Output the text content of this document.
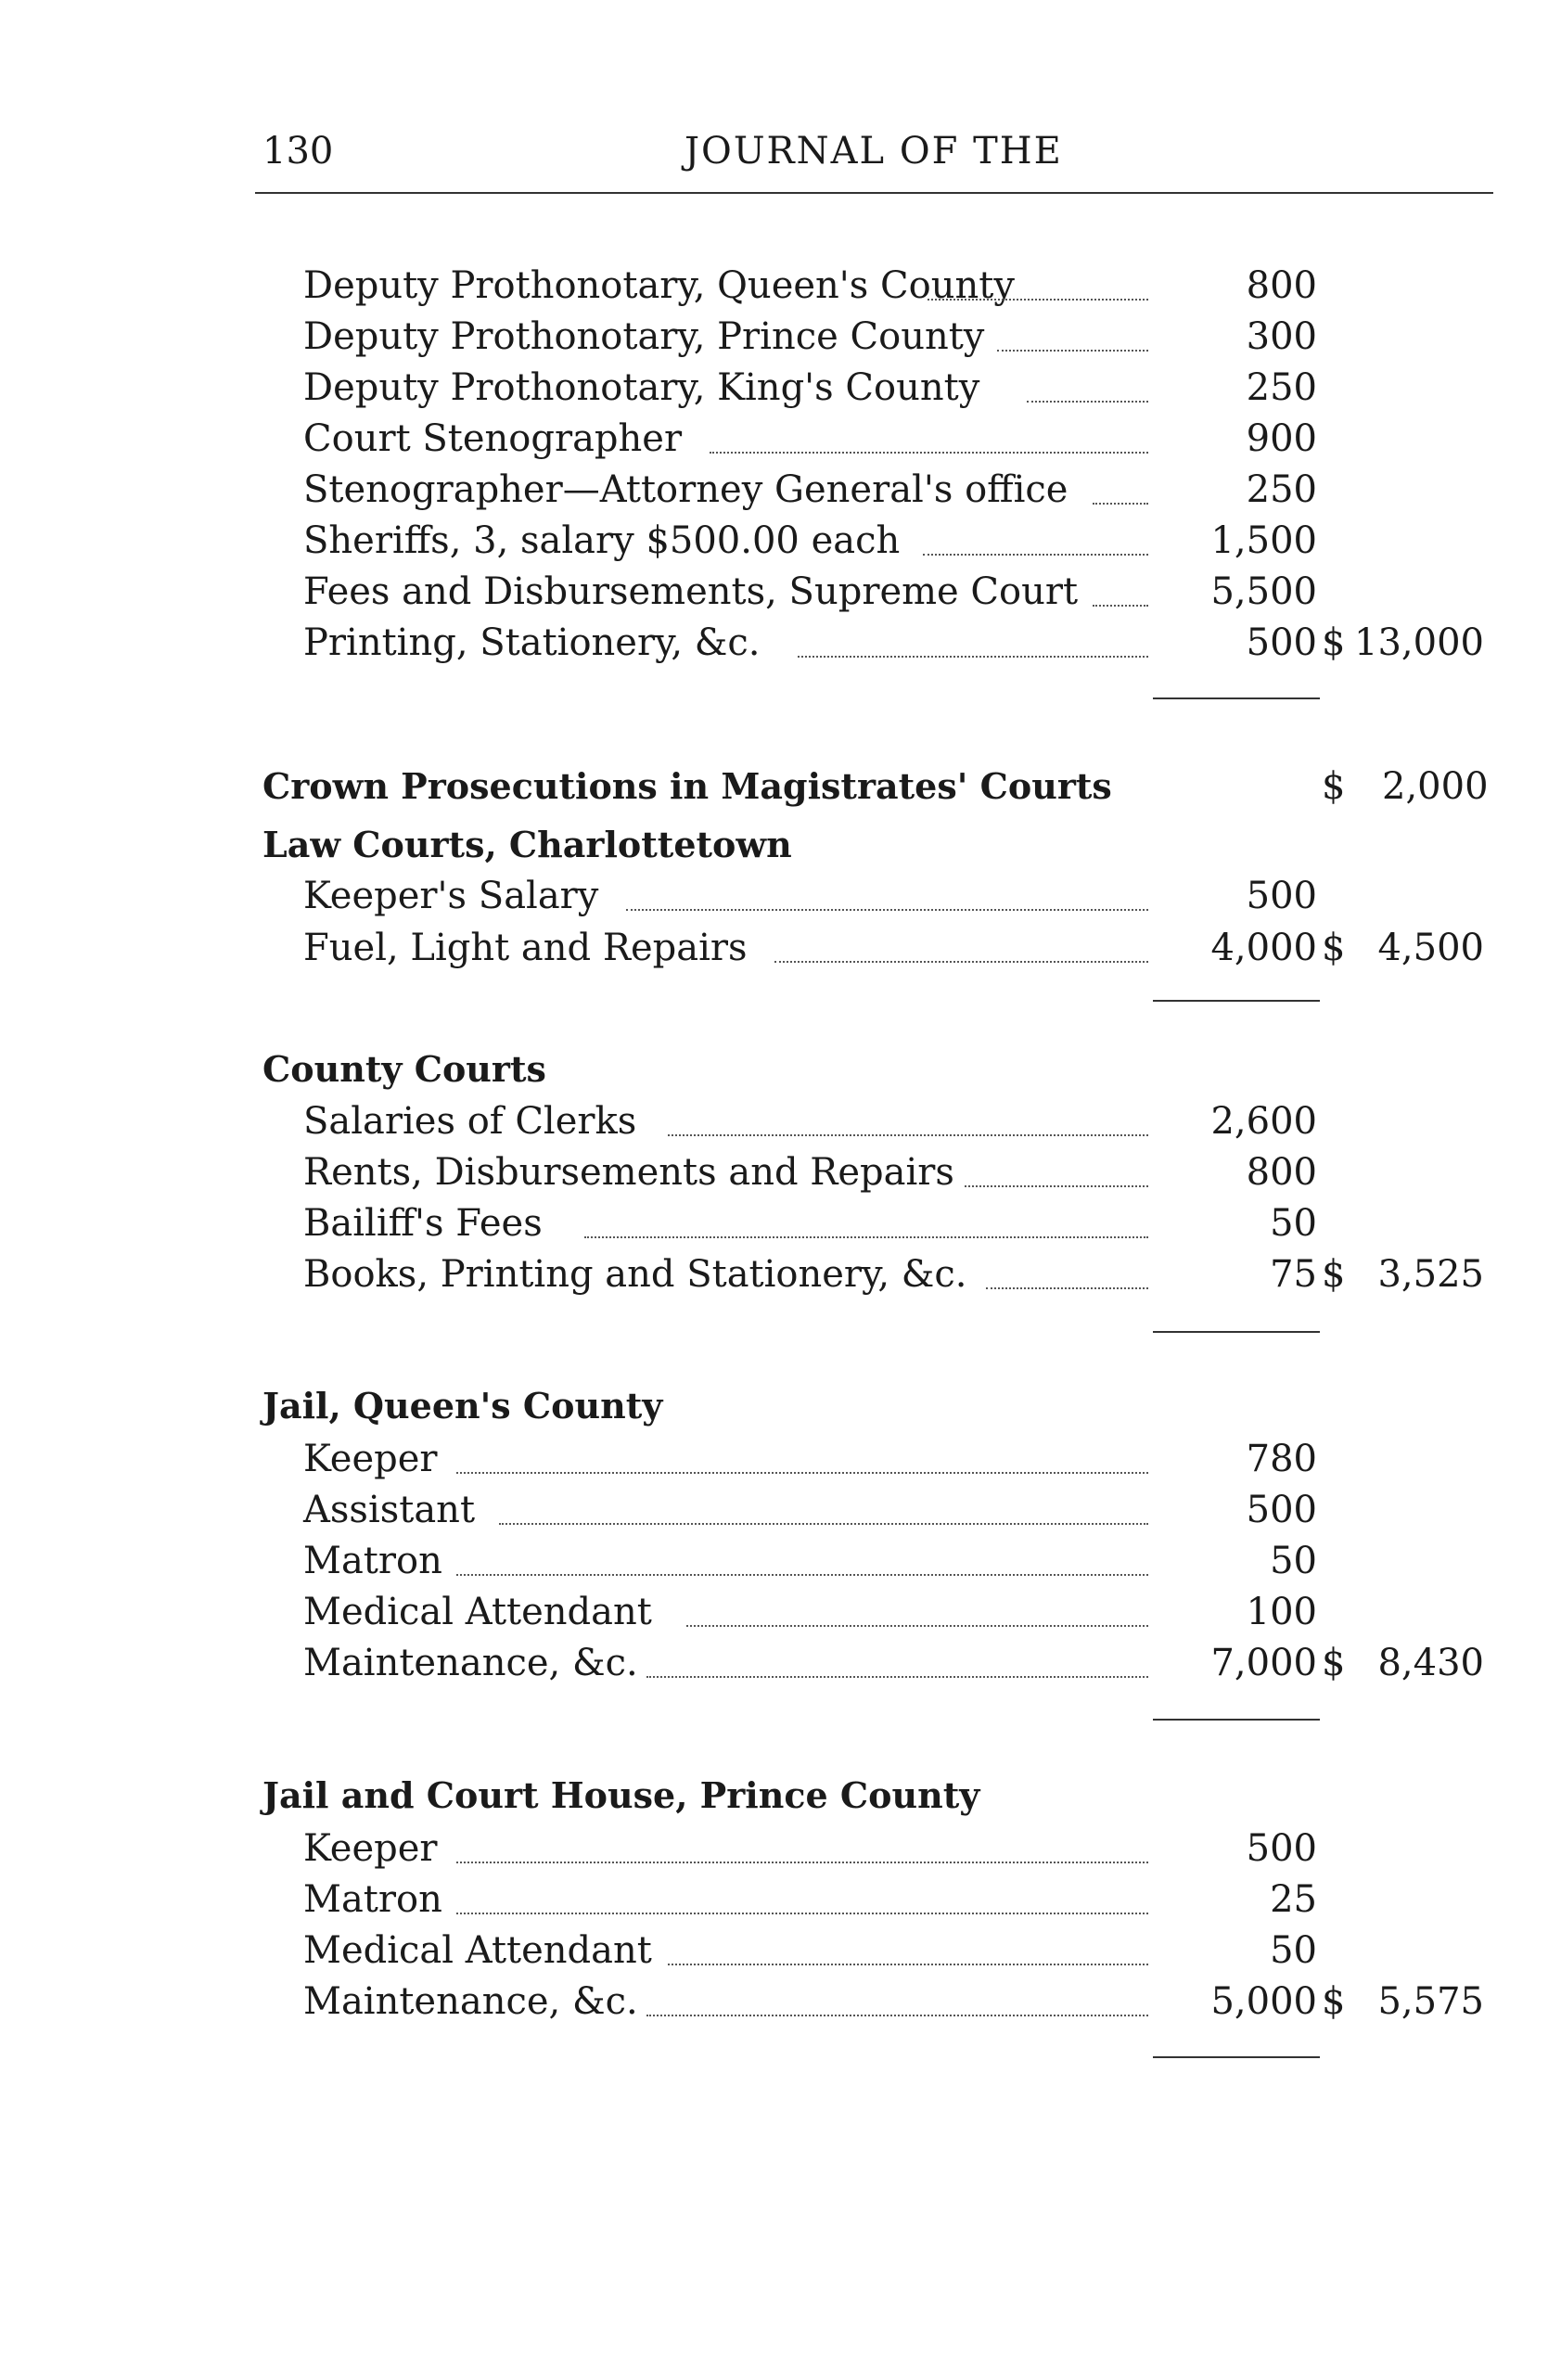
130	JOURNAL OF THE
Deputy Prothonotary, Queen's County	800
Deputy Prothonotary, Prince County	300
Deputy Prothonotary, King's County	250
Court Stenographer	900
Stenographer—Attorney General's office	250
Sheriffs, 3, salary $500.00 each	1,500
Fees and Disbursements, Supreme Court	5,500
Printing, Stationery, &c.	500 $ 13,000
Crown Prosecutions in Magistrates' Courts	$ 2,000
Law Courts, Charlottetown
Keeper's Salary	500
Fuel, Light and Repairs	4,000 $ 4,500
County Courts
Salaries of Clerks	2,600
Rents, Disbursements and Repairs	800
Bailiff's Fees	50
Books, Printing and Stationery, &c.	75 $ 3,525
Jail, Queen's County
Keeper	780
Assistant	500
Matron	50
Medical Attendant	100
Maintenance, &c.	7,000 $ 8,430
Jail and Court House, Prince County
Keeper	500
Matron	25
Medical Attendant	50
Maintenance, &c.	5,000 $ 5,575
